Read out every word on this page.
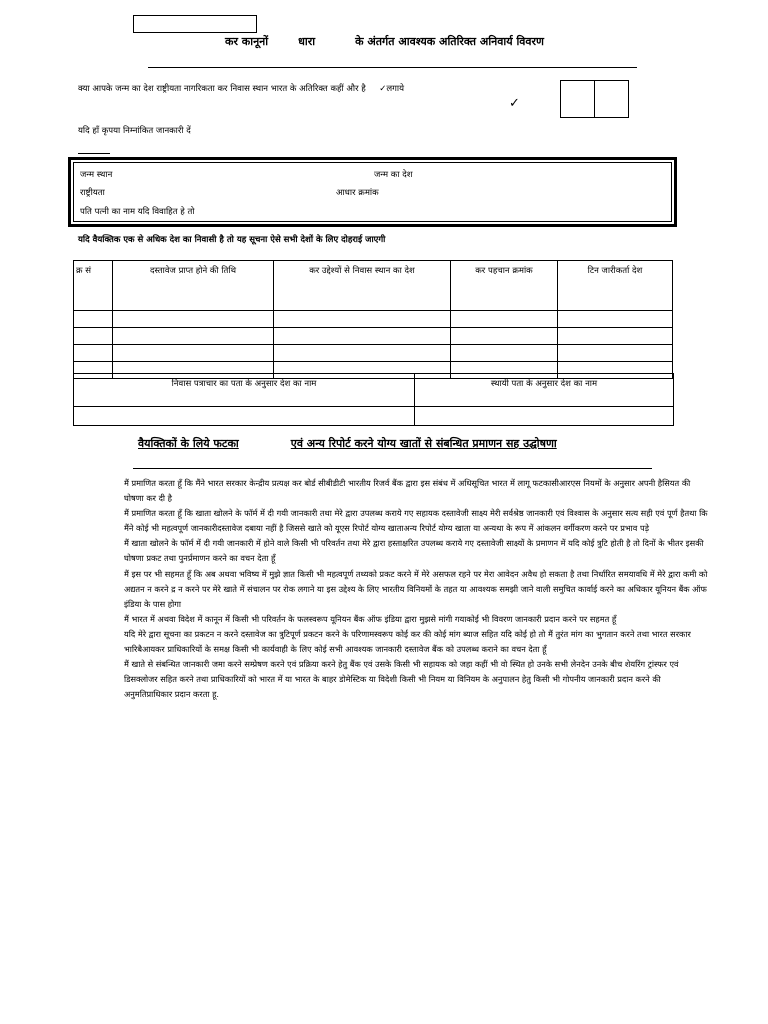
कर कानूनों	धारा	के अंतर्गत आवश्यक अतिरिक्त अनिवार्य विवरण
क्या आपके जन्म का देश राष्ट्रीयता नागरिकता कर निवास स्थान भारत के अतिरिक्त कहीं और है ✓लगाये
✓
यदि हाँ कृपया निम्नांकित जानकारी दें
जन्म स्थान	जन्म का देश
राष्ट्रीयता	आधार क्रमांक
पति पत्नी का नाम यदि विवाहित हे तो
यदि वैयक्तिक एक से अधिक देश का निवासी है तो यह सूचना ऐसे सभी देशों के लिए दोहराई जाएगी
क्र सं	दस्तावेज प्राप्त होने की तिथि	कर उद्देश्यों से निवास स्थान का देश	कर पहचान क्रमांक	टिन जारीकर्ता देश

निवास पत्राचार का पता के अनुसार देश का नाम	स्थायी पता के अनुसार देश का नाम

वैयक्तिकों के लिये फटका	एवं अन्य रिपोर्ट करने योग्य खातों से संबन्धित प्रमाणन सह उद्घोषणा

मैं प्रमाणित करता हूँ कि मैंने भारत सरकार केन्द्रीय प्रत्यक्ष कर बोर्ड सीबीडीटी भारतीय रिजर्व बैंक द्वारा इस संबंध में अधिसूचित भारत में लागू फटकासीआरएस नियमों के अनुसार अपनी हैसियत की घोषणा कर दी है

मैं प्रमाणित करता हूँ कि खाता खोलने के फॉर्म में दी गयी जानकारी तथा मेरे द्वारा उपलब्ध कराये गए सहायक दस्तावेजी साक्ष्य मेरी सर्वश्रेष्ठ जानकारी एवं विश्वास के अनुसार सत्य सही एवं पूर्ण हैतथा कि मैंने कोई भी महत्वपूर्ण जानकारीदस्तावेज दबाया नहीं है जिससे खाते को यूएस रिपोर्ट योग्य खाताअन्य रिपोर्ट योग्य खाता या अन्यथा के रूप में आंकलन वर्गीकरण करने पर प्रभाव पड़े

मैं खाता खोलने के फॉर्म में दी गयी जानकारी में होने वाले किसी भी परिवर्तन तथा मेरे द्वारा हस्ताक्षरित उपलब्ध कराये गए दस्तावेजी साक्ष्यों के प्रमाणन में यदि कोई त्रुटि होती है तो दिनों के भीतर इसकी घोषणा प्रकट तथा पुनर्प्रमाणन करने का वचन देता हूँ

मैं इस पर भी सहमत हूँ कि अब अथवा भविष्य में मुझे ज्ञात किसी भी महत्वपूर्ण तथ्यको प्रकट करने में मेरे असफल रहने पर मेरा आवेदन अवैध हो सकता है तथा निर्धारित समयावधि में मेरे द्वारा कमी को अद्यतन न करने द्र न करने पर मेरे खाते में संचालन पर रोक लगाने या इस उद्देश्य के लिए भारतीय विनियमों के तहत या आवश्यक समझी जाने वाली समुचित कार्वाई करने का अधिकार यूनियन बैंक ऑफ इंडिया के पास होगा

मैं भारत में अथवा विदेश में कानून में किसी भी परिवर्तन के फलस्वरूप यूनियन बैंक ऑफ इंडिया द्वारा मुझसे मांगी गयाकोई भी विवरण जानकारी प्रदान करने पर सहमत हूँ

यदि मेरे द्वारा सूचना का प्रकटन न करने दस्तावेज का त्रुटिपूर्ण प्रकटन करने के परिणामस्वरूप कोई कर की कोई मांग ब्याज सहित यदि कोई हो तो मैं तुरंत मांग का भुगतान करने तथा भारत सरकार भारिबैआयकर प्राधिकारियों के समक्ष किसी भी कार्यवाही के लिए कोई सभी आवश्यक जानकारी दस्तावेज बैंक को उपलब्ध कराने का वचन देता हूँ

मैं खाते से संबन्धित जानकारी जमा करने सम्प्रेषण करने एवं प्रक्रिया करने हेतु बैंक एवं उसके किसी भी सहायक को जहा कहीं भी वो स्थित हो उनके सभी लेनदेन उनके बीच शेयरिंग ट्रांस्फर एवं डिसक्लोजर सहित करने तथा प्राधिकारियों को भारत में या भारत के बाहर डोमेस्टिक या विदेशी किसी भी नियम या विनियम के अनुपालन हेतु किसी भी गोपनीय जानकारी प्रदान करने की अनुमतिप्राधिकार प्रदान करता हू.
